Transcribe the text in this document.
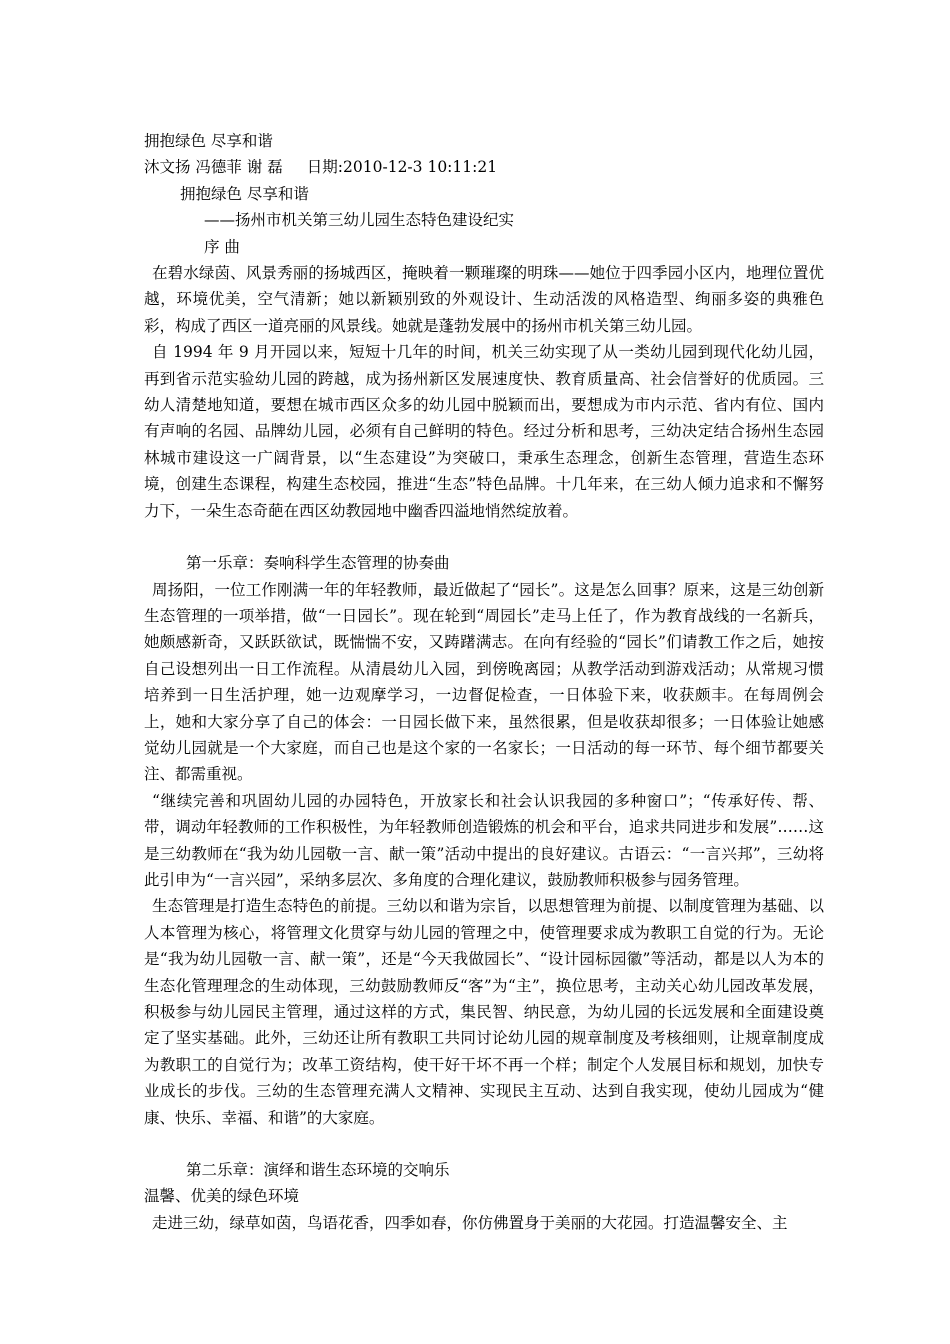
拥抱绿色 尽享和谐
沐文扬 冯德菲 谢 磊 日期:2010-12-3 10:11:21
拥抱绿色 尽享和谐
——扬州市机关第三幼儿园生态特色建设纪实
序 曲

在碧水绿茵、风景秀丽的扬城西区，掩映着一颗璀璨的明珠——她位于四季园小区内，地理位置优越，环境优美，空气清新；她以新颖别致的外观设计、生动活泼的风格造型、绚丽多姿的典雅色彩，构成了西区一道亮丽的风景线。她就是蓬勃发展中的扬州市机关第三幼儿园。

自 1994 年 9 月开园以来，短短十几年的时间，机关三幼实现了从一类幼儿园到现代化幼儿园，再到省示范实验幼儿园的跨越，成为扬州新区发展速度快、教育质量高、社会信誉好的优质园。三幼人清楚地知道，要想在城市西区众多的幼儿园中脱颖而出，要想成为市内示范、省内有位、国内有声响的名园、品牌幼儿园，必须有自己鲜明的特色。经过分析和思考，三幼决定结合扬州生态园林城市建设这一广阔背景，以“生态建设”为突破口，秉承生态理念，创新生态管理，营造生态环境，创建生态课程，构建生态校园，推进“生态”特色品牌。十几年来，在三幼人倾力追求和不懈努力下，一朵生态奇葩在西区幼教园地中幽香四溢地悄然绽放着。

第一乐章：奏响科学生态管理的协奏曲

周扬阳，一位工作刚满一年的年轻教师，最近做起了“园长”。这是怎么回事？原来，这是三幼创新生态管理的一项举措，做“一日园长”。现在轮到“周园长”走马上任了，作为教育战线的一名新兵，她颇感新奇，又跃跃欲试，既惴惴不安，又踌躇满志。在向有经验的“园长”们请教工作之后，她按自己设想列出一日工作流程。从清晨幼儿入园，到傍晚离园；从教学活动到游戏活动；从常规习惯培养到一日生活护理，她一边观摩学习，一边督促检查，一日体验下来，收获颇丰。在每周例会上，她和大家分享了自己的体会：一日园长做下来，虽然很累，但是收获却很多；一日体验让她感觉幼儿园就是一个大家庭，而自己也是这个家的一名家长；一日活动的每一环节、每个细节都要关注、都需重视。

“继续完善和巩固幼儿园的办园特色，开放家长和社会认识我园的多种窗口”；“传承好传、帮、带，调动年轻教师的工作积极性，为年轻教师创造锻炼的机会和平台，追求共同进步和发展”……这是三幼教师在“我为幼儿园敬一言、献一策”活动中提出的良好建议。古语云：“一言兴邦”，三幼将此引申为“一言兴园”，采纳多层次、多角度的合理化建议，鼓励教师积极参与园务管理。

生态管理是打造生态特色的前提。三幼以和谐为宗旨，以思想管理为前提、以制度管理为基础、以人本管理为核心，将管理文化贯穿与幼儿园的管理之中，使管理要求成为教职工自觉的行为。无论是“我为幼儿园敬一言、献一策”，还是“今天我做园长”、“设计园标园徽”等活动，都是以人为本的生态化管理理念的生动体现，三幼鼓励教师反“客”为“主”，换位思考，主动关心幼儿园改革发展，积极参与幼儿园民主管理，通过这样的方式，集民智、纳民意，为幼儿园的长远发展和全面建设奠定了坚实基础。此外，三幼还让所有教职工共同讨论幼儿园的规章制度及考核细则，让规章制度成为教职工的自觉行为；改革工资结构，使干好干坏不再一个样；制定个人发展目标和规划，加快专业成长的步伐。三幼的生态管理充满人文精神、实现民主互动、达到自我实现，使幼儿园成为“健康、快乐、幸福、和谐”的大家庭。

第二乐章：演绎和谐生态环境的交响乐
温馨、优美的绿色环境

走进三幼，绿草如茵，鸟语花香，四季如春，你仿佛置身于美丽的大花园。打造温馨安全、主
